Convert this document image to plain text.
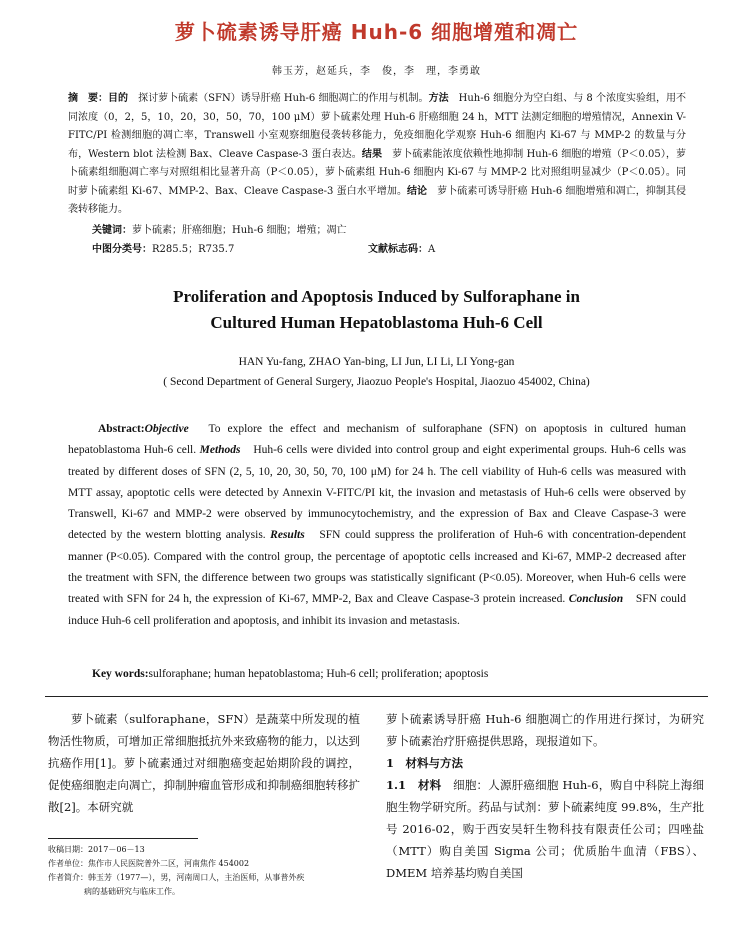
萝卜硫素诱导肝癌 Huh-6 细胞增殖和凋亡
韩玉芳，赵延兵，李　俊，李　理，李勇敢
摘　要：目的　探讨萝卜硫素（SFN）诱导肝癌 Huh-6 细胞凋亡的作用与机制。方法　Huh-6 细胞分为空白组、与 8 个浓度实验组，用不同浓度（0，2，5，10，20，30，50，70，100 μM）萝卜硫素处理 Huh-6 肝癌细胞 24 h，MTT 法测定细胞的增殖情况，Annexin V-FITC/PI 检测细胞的凋亡率，Transwell 小室观察细胞侵袭转移能力，免疫细胞化学观察 Huh-6 细胞内 Ki-67 与 MMP-2 的数量与分布，Western blot 法检测 Bax、Cleave Caspase-3 蛋白表达。结果　萝卜硫素能浓度依赖性地抑制 Huh-6 细胞的增殖（P＜0.05），萝卜硫素组细胞凋亡率与对照组相比显著升高（P＜0.05），萝卜硫素组 Huh-6 细胞内 Ki-67 与 MMP-2 比对照组明显减少（P＜0.05）。同时萝卜硫素组 Ki-67、MMP-2、Bax、Cleave Caspase-3 蛋白水平增加。结论　萝卜硫素可诱导肝癌 Huh-6 细胞增殖和凋亡，抑制其侵袭转移能力。
关键词：萝卜硫素；肝癌细胞；Huh-6 细胞；增殖；凋亡
中图分类号：R285.5；R735.7	文献标志码：A
Proliferation and Apoptosis Induced by Sulforaphane in
Cultured Human Hepatoblastoma Huh-6 Cell
HAN Yu-fang, ZHAO Yan-bing, LI Jun, LI Li, LI Yong-gan
( Second Department of General Surgery, Jiaozuo People's Hospital, Jiaozuo 454002, China)
Abstract:Objective　To explore the effect and mechanism of sulforaphane (SFN) on apoptosis in cultured human hepatoblastoma Huh-6 cell. Methods　Huh-6 cells were divided into control group and eight experimental groups. Huh-6 cells was treated by different doses of SFN (2, 5, 10, 20, 30, 50, 70, 100 μM) for 24 h. The cell viability of Huh-6 cells was measured with MTT assay, apoptotic cells were detected by Annexin V-FITC/PI kit, the invasion and metastasis of Huh-6 cells were observed by Transwell, Ki-67 and MMP-2 were observed by immunocytochemistry, and the expression of Bax and Cleave Caspase-3 were detected by the western blotting analysis. Results　SFN could suppress the proliferation of Huh-6 with concentration-dependent manner (P<0.05). Compared with the control group, the percentage of apoptotic cells increased and Ki-67, MMP-2 decreased after the treatment with SFN, the difference between two groups was statistically significant (P<0.05). Moreover, when Huh-6 cells were treated with SFN for 24 h, the expression of Ki-67, MMP-2, Bax and Cleave Caspase-3 protein increased. Conclusion　SFN could induce Huh-6 cell proliferation and apoptosis, and inhibit its invasion and metastasis.
Key words:sulforaphane; human hepatoblastoma; Huh-6 cell; proliferation; apoptosis

萝卜硫素（sulforaphane，SFN）是蔬菜中所发现的植物活性物质，可增加正常细胞抵抗外来致癌物的能力，以达到抗癌作用[1]。萝卜硫素通过对细胞癌变起始期阶段的调控，促使癌细胞走向凋亡，抑制肿瘤血管形成和抑制癌细胞转移扩散[2]。本研究就

萝卜硫素诱导肝癌 Huh-6 细胞凋亡的作用进行探讨，为研究萝卜硫素治疗肝癌提供思路，现报道如下。

1　材料与方法

1.1　材料　细胞：人源肝癌细胞 Huh-6，购自中科院上海细胞生物学研究所。药品与试剂：萝卜硫素纯度 99.8%，生产批号 2016-02，购于西安吴轩生物科技有限责任公司；四唑盐（MTT）购自美国 Sigma 公司；优质胎牛血清（FBS）、DMEM 培养基均购自美国

收稿日期：2017－06－13
作者单位：焦作市人民医院普外二区，河南焦作 454002
作者简介：韩玉芳（1977—），男，河南周口人，主治医师，从事普外疾
病的基础研究与临床工作。
